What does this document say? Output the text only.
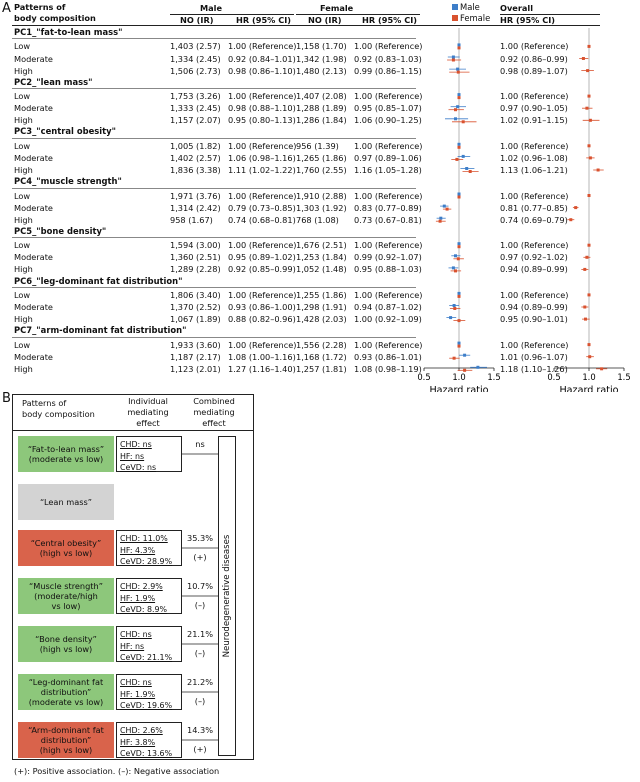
A Patterns of
body composition
Male	Female
NO (IR)	HR (95% CI) NO (IR)	HR (95% CI)
Male
Female
Overall
HR (95% CI)
PC1_"fat-to-lean mass"
Low	1,403 (2.57) 1.00 (Reference) 1,158 (1.70) 1.00 (Reference)	1.00 (Reference)
Moderate	1,334 (2.45) 0.92 (0.84–1.01) 1,342 (1.98) 0.92 (0.83–1.03)	0.92 (0.86–0.99)
High	1,506 (2.73) 0.98 (0.86–1.10) 1,480 (2.13) 0.99 (0.86–1.15)	0.98 (0.89–1.07)
PC2_"lean mass"
Low	1,753 (3.26) 1.00 (Reference) 1,407 (2.08) 1.00 (Reference)	1.00 (Reference)
Moderate	1,333 (2.45) 0.98 (0.88–1.10) 1,288 (1.89) 0.95 (0.85–1.07)	0.97 (0.90–1.05)
High	1,157 (2.07) 0.95 (0.80–1.13) 1,286 (1.84) 1.06 (0.90–1.25)	1.02 (0.91–1.15)
PC3_"central obesity"
Low	1,005 (1.82) 1.00 (Reference) 956 (1.39) 1.00 (Reference)	1.00 (Reference)
Moderate	1,402 (2.57) 1.06 (0.98–1.16) 1,265 (1.86) 0.97 (0.89–1.06)	1.02 (0.96–1.08)
High	1,836 (3.38) 1.11 (1.02–1.22) 1,760 (2.55) 1.16 (1.05–1.28)	1.13 (1.06–1.21)
PC4_"muscle strength"
Low	1,971 (3.76) 1.00 (Reference) 1,910 (2.88) 1.00 (Reference)	1.00 (Reference)
Moderate	1,314 (2.42) 0.79 (0.73–0.85) 1,303 (1.92) 0.83 (0.77–0.89)	0.81 (0.77–0.85)
High	958 (1.67) 0.74 (0.68–0.81) 768 (1.08) 0.73 (0.67–0.81)	0.74 (0.69–0.79)
PC5_"bone density"
Low	1,594 (3.00) 1.00 (Reference) 1,676 (2.51) 1.00 (Reference)	1.00 (Reference)
Moderate	1,360 (2.51) 0.95 (0.89–1.02) 1,253 (1.84) 0.99 (0.92–1.07)	0.97 (0.92–1.02)
High	1,289 (2.28) 0.92 (0.85–0.99) 1,052 (1.48) 0.95 (0.88–1.03)	0.94 (0.89–0.99)
PC6_"leg-dominant fat distribution"
Low	1,806 (3.40) 1.00 (Reference) 1,255 (1.86) 1.00 (Reference)	1.00 (Reference)
Moderate	1,370 (2.52) 0.93 (0.86–1.00) 1,298 (1.91) 0.94 (0.87–1.02)	0.94 (0.89–0.99)
High	1,067 (1.89) 0.88 (0.82–0.96) 1,428 (2.03) 1.00 (0.92–1.09)	0.95 (0.90–1.01)
PC7_"arm-dominant fat distribution"
Low	1,933 (3.60) 1.00 (Reference) 1,556 (2.28) 1.00 (Reference)	1.00 (Reference)
Moderate	1,187 (2.17) 1.08 (1.00–1.16) 1,168 (1.72) 0.93 (0.86–1.01)	1.01 (0.96–1.07)
High	1,123 (2.01) 1.27 (1.16–1.40) 1,257 (1.81) 1.08 (0.98–1.19)	1.18 (1.10–1.26)
0.5	1.0	1.5
Hazard ratio
0.5	1.0	1.5
Hazard ratio
B Patterns of
body composition
Individual
mediating
effect
Combined
mediating
effect
Neurodegenerative diseases
“Fat-to-lean mass”
(moderate vs low)
CHD: ns
HF: ns
CeVD: ns
ns
“Lean mass”
“Central obesity”
(high vs low)
CHD: 11.0%
HF: 4.3%
CeVD: 28.9%
35.3%
(+)
“Muscle strength”
(moderate/high
vs low)
CHD: 2.9%
HF: 1.9%
CeVD: 8.9%
10.7%
(–)
“Bone density”
(high vs low)
CHD: ns
HF: ns
CeVD: 21.1%
21.1%
(–)
“Leg-dominant fat
distribution”
(moderate vs low)
CHD: ns
HF: 1.9%
CeVD: 19.6%
21.2%
(–)
“Arm-dominant fat
distribution”
(high vs low)
CHD: 2.6%
HF: 3.8%
CeVD: 13.6%
14.3%
(+)
(+): Positive association. (–): Negative association
